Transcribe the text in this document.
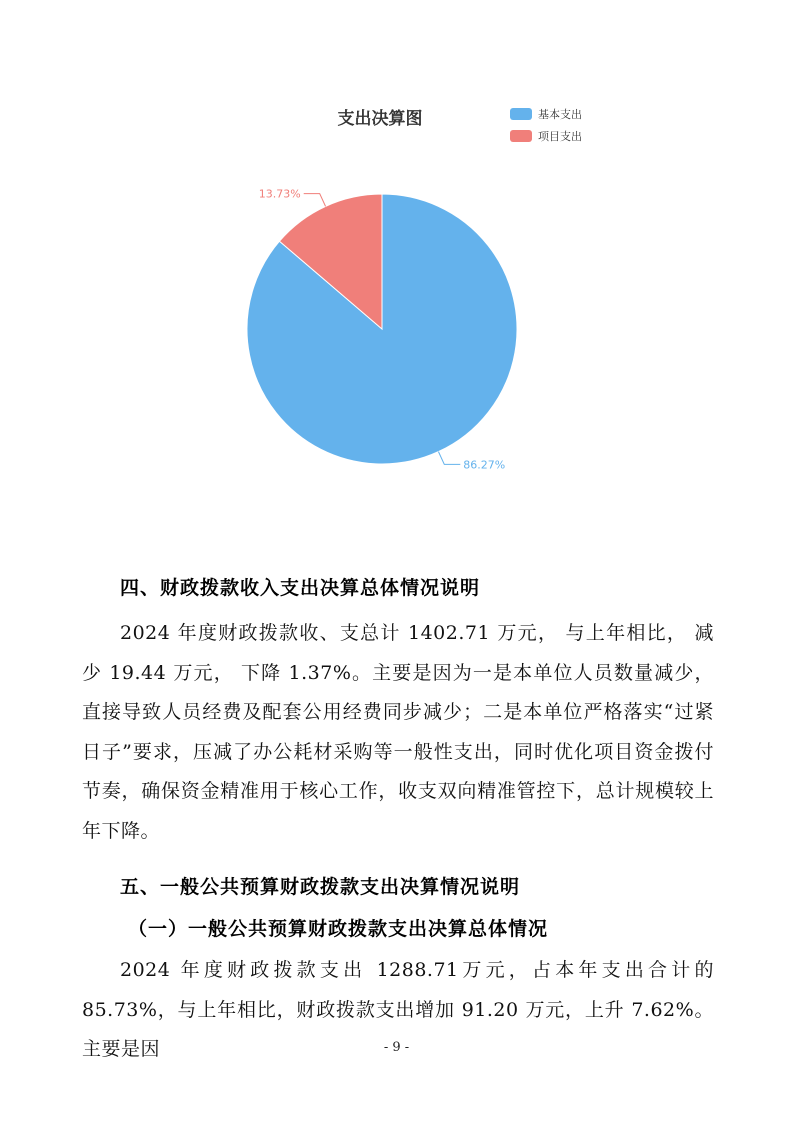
支出决算图	基本支出
项目支出
86.27%
13.73%
四、财政拨款收入支出决算总体情况说明

2024 年度财政拨款收、支总计 1402.71 万元， 与上年相比， 减少 19.44 万元， 下降 1.37%。主要是因为一是本单位人员数量减少， 直接导致人员经费及配套公用经费同步减少；二是本单位严格落实“过紧日子”要求，压减了办公耗材采购等一般性支出，同时优化项目资金拨付节奏，确保资金精准用于核心工作，收支双向精准管控下，总计规模较上年下降。

五、一般公共预算财政拨款支出决算情况说明
（一）一般公共预算财政拨款支出决算总体情况

2024 年度财政拨款支出 1288.71万元，占本年支出合计的85.73%，与上年相比，财政拨款支出增加 91.20 万元，上升 7.62%。主要是因	- 9 -
